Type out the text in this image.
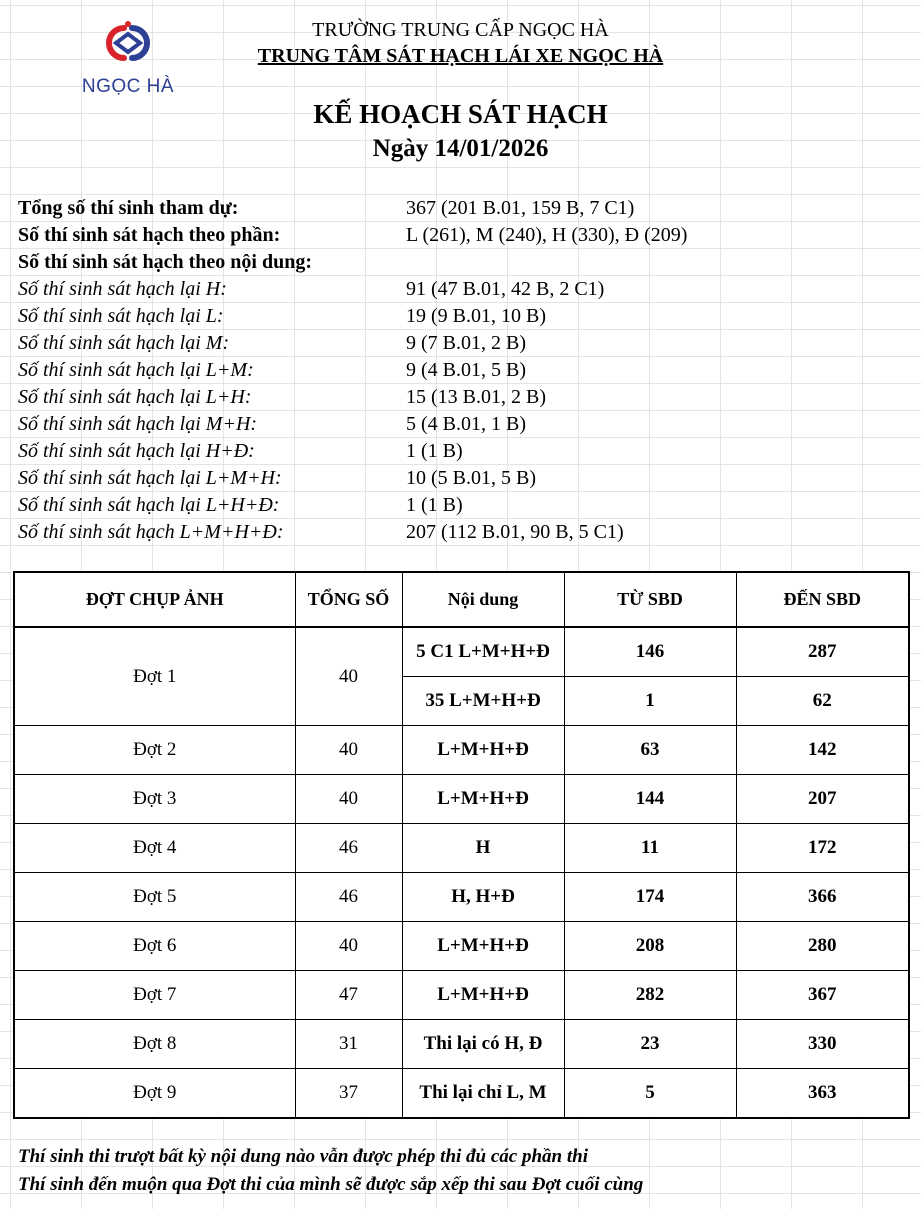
NGỌC HÀ
TRƯỜNG TRUNG CẤP NGỌC HÀ
TRUNG TÂM SÁT HẠCH LÁI XE NGỌC HÀ
KẾ HOẠCH SÁT HẠCH
Ngày 14/01/2026
Tổng số thí sinh tham dự:	367 (201 B.01, 159 B, 7 C1)
Số thí sinh sát hạch theo phần:	L (261), M (240), H (330), Đ (209)
Số thí sinh sát hạch theo nội dung:
Số thí sinh sát hạch lại H:	91 (47 B.01, 42 B, 2 C1)
Số thí sinh sát hạch lại L:	19 (9 B.01, 10 B)
Số thí sinh sát hạch lại M:	9 (7 B.01, 2 B)
Số thí sinh sát hạch lại L+M:	9 (4 B.01, 5 B)
Số thí sinh sát hạch lại L+H:	15 (13 B.01, 2 B)
Số thí sinh sát hạch lại M+H:	5 (4 B.01, 1 B)
Số thí sinh sát hạch lại H+Đ:	1 (1 B)
Số thí sinh sát hạch lại L+M+H:	10 (5 B.01, 5 B)
Số thí sinh sát hạch lại L+H+Đ:	1 (1 B)
Số thí sinh sát hạch L+M+H+Đ:	207 (112 B.01, 90 B, 5 C1)
ĐỢT CHỤP ẢNH	TỔNG SỐ	Nội dung	TỪ SBD	ĐẾN SBD
Đợt 1	40	5 C1 L+M+H+Đ	146	287
		35 L+M+H+Đ	1	62
Đợt 2	40	L+M+H+Đ	63	142
Đợt 3	40	L+M+H+Đ	144	207
Đợt 4	46	H	11	172
Đợt 5	46	H, H+Đ	174	366
Đợt 6	40	L+M+H+Đ	208	280
Đợt 7	47	L+M+H+Đ	282	367
Đợt 8	31	Thi lại có H, Đ	23	330
Đợt 9	37	Thi lại chỉ L, M	5	363
Thí sinh thi trượt bất kỳ nội dung nào vẫn được phép thi đủ các phần thi
Thí sinh đến muộn qua Đợt thi của mình sẽ được sắp xếp thi sau Đợt cuối cùng
